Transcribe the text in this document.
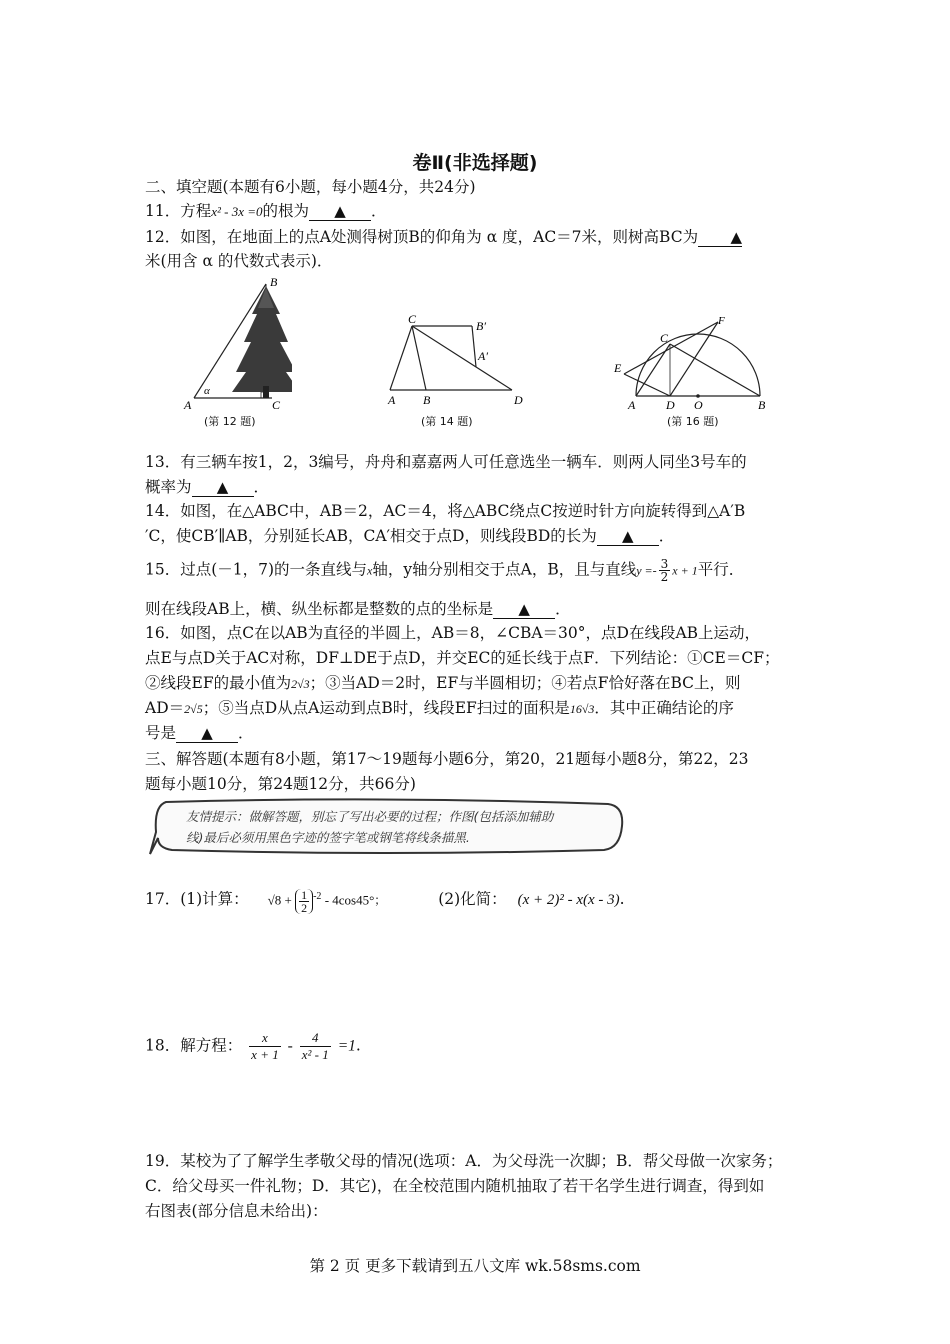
卷Ⅱ(非选择题)
二、填空题(本题有6小题，每小题4分，共24分)
11．方程x² - 3x =0的根为 ▲ ．
12．如图，在地面上的点A处测得树顶B的仰角为 α 度，AC＝7米，则树高BC为 ▲
米(用含 α 的代数式表示)．
B
A	C
α
(第 12 题)
C	B′
A′
A B	D
(第 14 题)
F
C
E
A	D O	B
(第 16 题)
13．有三辆车按1，2，3编号，舟舟和嘉嘉两人可任意选坐一辆车．则两人同坐3号车的
概率为 ▲ ．
14．如图，在△ABC中，AB＝2，AC＝4，将△ABC绕点C按逆时针方向旋转得到△A′B
′C，使CB′∥AB，分别延长AB，CA′相交于点D，则线段BD的长为 ▲ ．
15．过点(－1，7)的一条直线与x轴，y轴分别相交于点A，B，且与直线$y =- \frac{3}{2}$ x + 1平行．
则在线段AB上，横、纵坐标都是整数的点的坐标是 ▲ ．
16．如图，点C在以AB为直径的半圆上，AB＝8，∠CBA＝30°，点D在线段AB上运动，
点E与点D关于AC对称，DF⊥DE于点D，并交EC的延长线于点F．下列结论：①CE＝CF；
②线段EF的最小值为2√3；③当AD＝2时，EF与半圆相切；④若点F恰好落在BC上，则
AD＝2√5；⑤当点D从点A运动到点B时，线段EF扫过的面积是16√3．其中正确结论的序
号是 ▲ ．
三、解答题(本题有8小题，第17～19题每小题6分，第20，21题每小题8分，第22，23
题每小题10分，第24题12分，共66分)
友情提示：做解答题，别忘了写出必要的过程；作图(包括添加辅助
线)最后必须用黑色字迹的签字笔或钢笔将线条描黑.
17．(1)计算： $√8 + \frac{1}{2} ^{-2} - 4\cos 45^\circ$；	(2)化简： (x + 2)² - x(x - 3).
18．解方程： $\frac{x}{x + 1} - \frac{4}{\text{x² - 1}} =1$.
19．某校为了了解学生孝敬父母的情况(选项：A．为父母洗一次脚；B．帮父母做一次家务；
C．给父母买一件礼物；D．其它)，在全校范围内随机抽取了若干名学生进行调查，得到如
右图表(部分信息未给出)：
第 2 页 更多下载请到五八文库 wk.58sms.com
